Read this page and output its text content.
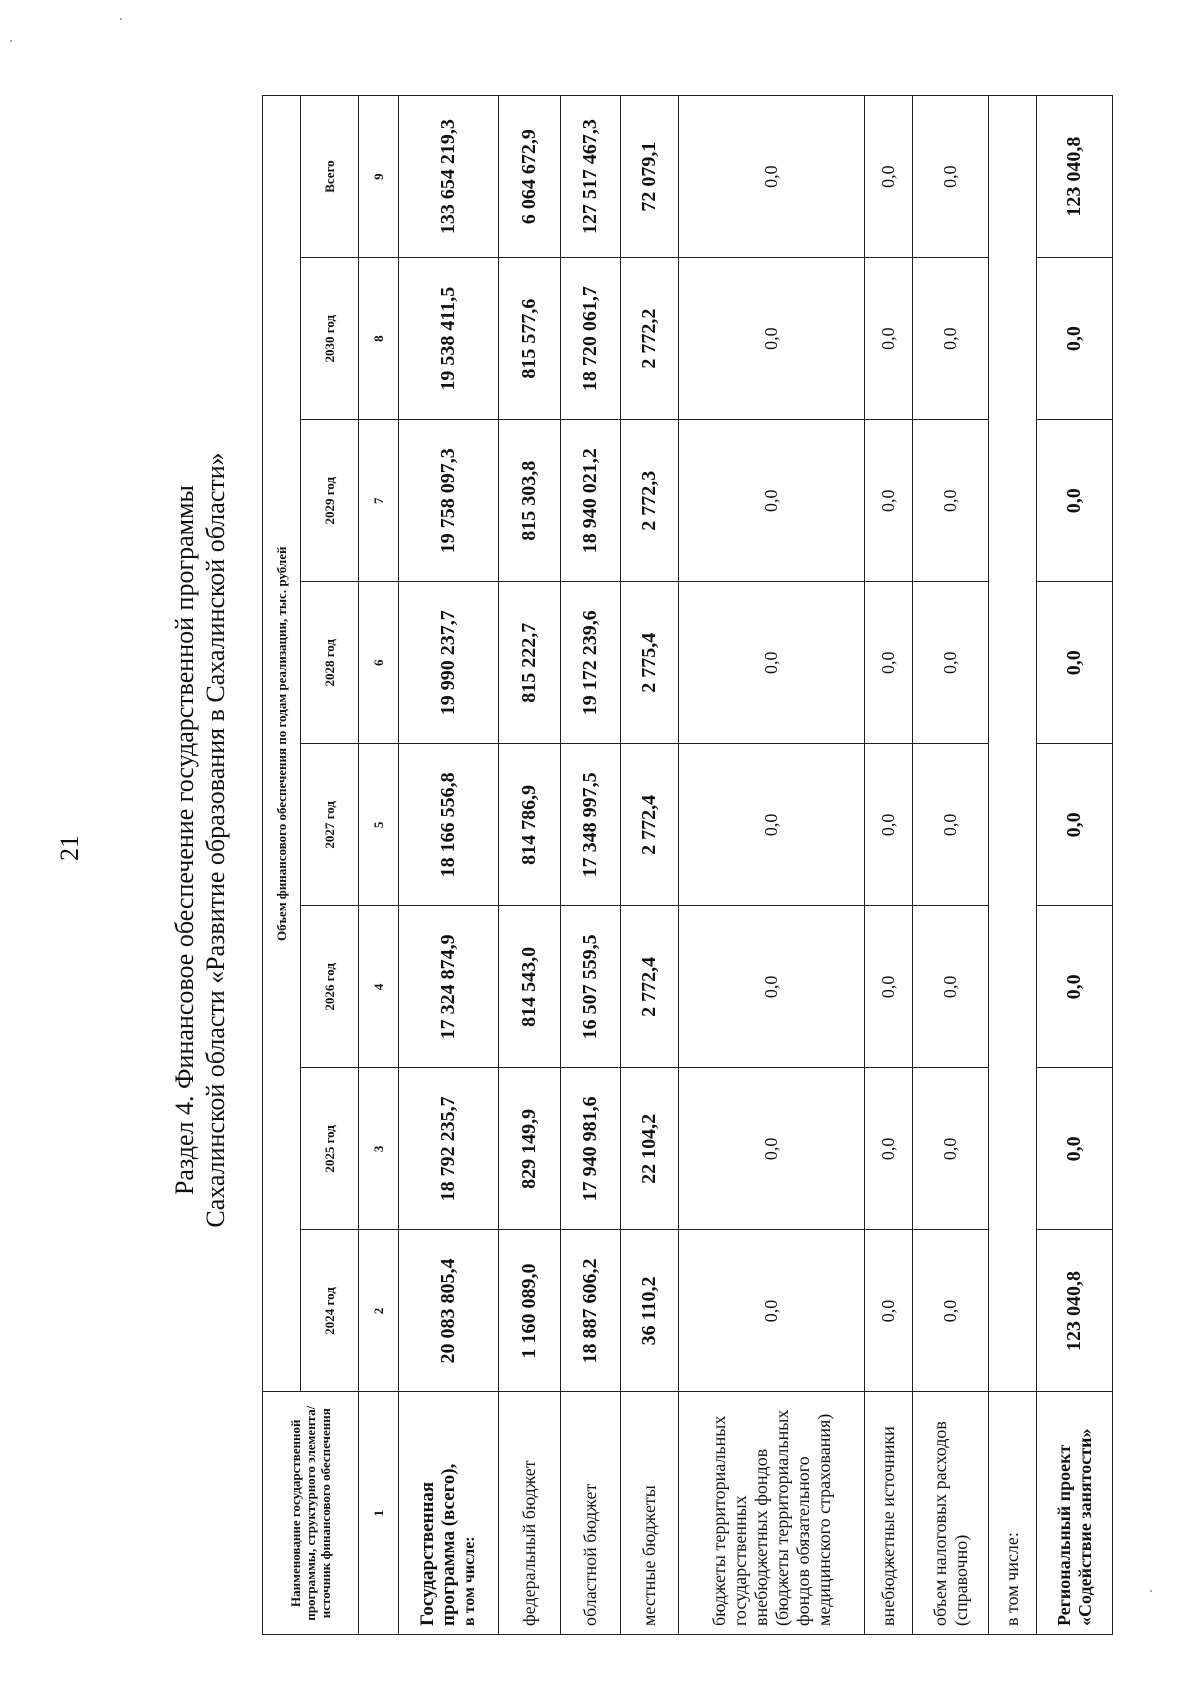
21	Раздел 4. Финансовое обеспечение государственной программы Сахалинской области «Развитие образования в Сахалинской области»
Наименование государственной программы, структурного элемента/источник финансового обеспечения	Объем финансового обеспечения по годам реализации, тыс. рублей							
	2024 год	2025 год	2026 год	2027 год	2028 год	2029 год	2030 год	Всего
1	2	3	4	5	6	7	8	9

Государственная программа (всего), в том числе:	20 083 805,4	18 792 235,7	17 324 874,9	18 166 556,8	19 990 237,7	19 758 097,3	19 538 411,5	133 654 219,3
федеральный бюджет	1 160 089,0	829 149,9	814 543,0	814 786,9	815 222,7	815 303,8	815 577,6	6 064 672,9
областной бюджет	18 887 606,2	17 940 981,6	16 507 559,5	17 348 997,5	19 172 239,6	18 940 021,2	18 720 061,7	127 517 467,3
местные бюджеты	36 110,2	22 104,2	2 772,4	2 772,4	2 775,4	2 772,3	2 772,2	72 079,1
бюджеты территориальных государственных внебюджетных фондов (бюджеты территориальных фондов обязательного медицинского страхования)	0,0	0,0	0,0	0,0	0,0	0,0	0,0	0,0
внебюджетные источники	0,0	0,0	0,0	0,0	0,0	0,0	0,0	0,0
объем налоговых расходов (справочно)	0,0	0,0	0,0	0,0	0,0	0,0	0,0	0,0
в том числе:								
Региональный проект «Содействие занятости»	123 040,8	0,0	0,0	0,0	0,0	0,0	0,0	123 040,8
